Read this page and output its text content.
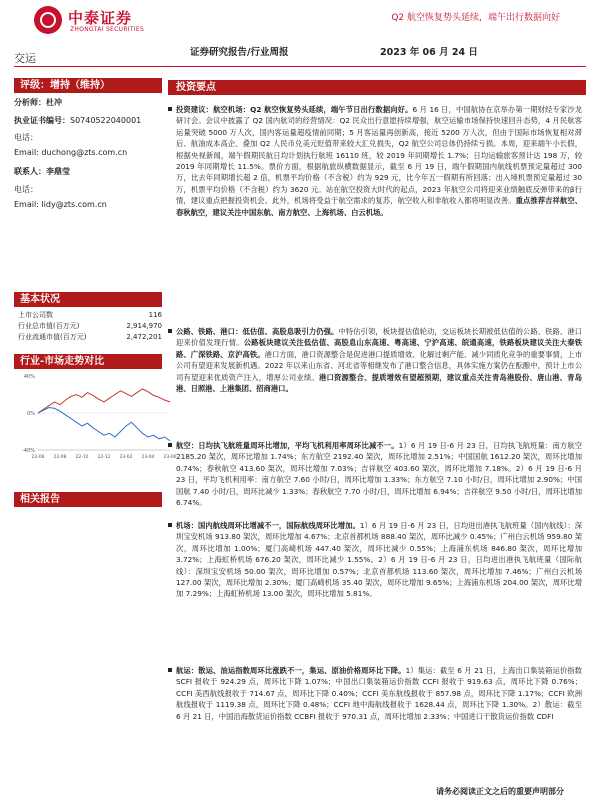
中泰证券
ZHONGTAI SECURITIES
Q2 航空恢复势头延续，端午出行数据向好
交运	证券研究报告/行业周报	2023 年 06 月 24 日
评级：增持（维持）
分析师：杜冲
执业证书编号：S0740522040001
电话：
Email: duchong@zts.com.cn
联系人：李鼎莹
电话：
Email: lidy@zts.com.cn
基本状况
上市公司数	116
行业总市值(百万元)	2,914,970
行业流通市值(百万元)	2,472,201
行业-市场走势对比
-40%
0%
40%
22-06 22-08 22-10 22-12 23-02 23-04 23-06
相关报告
投资要点
投资建议：航空机场：Q2 航空恢复势头延续，端午节日出行数据向好。6 月 16 日，中国航协在京举办第一期财经专家沙龙研讨会。会议中披露了 Q2 国内航司的经营情况：Q2 民众出行意愿持续增强，航空运输市场保持快速回升态势，4 月民航客运量突破 5000 万人次，国内客运量超疫情前同期；5 月客运量再创新高，接近 5200 万人次，但由于国际市场恢复相对滞后、航油成本高企、叠加 Q2 人民币兑美元贬值带来较大汇兑损失，Q2 航空公司总体仍持续亏损。本周，迎来端午小长假，根据央视新闻，端午假期民航日均计划执行航班 16110 班，较 2019 年同期增长 1.7%；日均运输旅客预计达 198 万，较 2019 年同期增长 11.5%。票价方面，根据航旅纵横数据显示，截至 6 月 19 日，端午假期国内航线机票预定量超过 300 万，比去年同期增长超 2 倍，机票平均价格（不含税）约为 929 元，比今年五一假期有所回落；出入境机票预定量超过 30 万，机票平均价格（不含税）约为 3620 元。站在航空投资大时代的起点，2023 年航空公司将迎来业绩触底反弹带来的β行情，建议重点把握投资机会。此外，机场将受益于航空需求的复苏，航空收入和非航收入都将明显改善。重点推荐吉祥航空、春秋航空，建议关注中国东航、南方航空、上海机场、白云机场。
公路、铁路、港口：低估值、高股息吸引力仍强。中特估引领，板块提估值轮动，交运板块长期被低估值的公路、铁路、港口迎来价值发现行情。公路板块建议关注低估值、高股息山东高速、粤高速、宁沪高速、皖通高速，铁路板块建议关注大秦铁路、广深铁路、京沪高铁。港口方面，港口资源整合是促进港口提质增效、化解过剩产能、减少同质化竞争的重要事情，上市公司有望迎来发展新机遇。2022 年以来山东省、河北省等相继发布了港口整合信息，具体实施方案仍在酝酿中，预计上市公司有望迎来优质资产注入，增厚公司业绩。港口资源整合、提质增效有望超预期，建议重点关注青岛港股份、唐山港、青岛港、日照港、上港集团、招商港口。
航空：日均执飞航班量周环比增加，平均飞机利用率周环比减不一。1）6 月 19 日-6 月 23 日，日均执飞航班量：南方航空 2185.20 架次，周环比增加 1.74%；东方航空 2192.40 架次，周环比增加 2.51%；中国国航 1612.20 架次，周环比增加 0.74%；春秋航空 413.60 架次，周环比增加 7.03%；吉祥航空 403.60 架次，周环比增加 7.18%。2）6 月 19 日-6 月 23 日，平均飞机利用率：南方航空 7.60 小时/日，周环比增加 1.33%；东方航空 7.10 小时/日，周环比增加 2.90%；中国国航 7.40 小时/日，周环比减少 1.33%；春秋航空 7.70 小时/日，周环比增加 6.94%；吉祥航空 9.50 小时/日，周环比增加 6.74%。
机场：国内航线周环比增减不一，国际航线周环比增加。1）6 月 19 日-6 月 23 日，日均进出港执飞航班量（国内航线）：深圳宝安机场 913.80 架次，周环比增加 4.67%；北京首都机场 888.40 架次，周环比减少 0.45%；广州白云机场 959.80 架次，周环比增加 1.00%；厦门高崎机场 447.40 架次，周环比减少 0.55%；上海浦东机场 846.80 架次，周环比增加 3.72%；上海虹桥机场 676.20 架次，周环比减少 1.55%。2）6 月 19 日-6 月 23 日，日均进出港执飞航班量（国际航线）：深圳宝安机场 50.00 架次，周环比增加 0.57%；北京首都机场 113.60 架次，周环比增加 7.46%；广州白云机场 127.00 架次，周环比增加 2.30%；厦门高崎机场 35.40 架次，周环比增加 9.65%；上海浦东机场 204.00 架次，周环比增加 7.29%；上海虹桥机场 13.00 架次，周环比增加 5.81%。
航运：散运、油运指数周环比涨跌不一，集运、原油价格周环比下降。1）集运：截至 6 月 21 日，上海出口集装箱运价指数 SCFI 报收于 924.29 点，周环比下降 1.07%；中国出口集装箱运价指数 CCFI 报收于 919.63 点，周环比下降 0.76%；CCFI 美西航线报收于 714.67 点，周环比下降 0.40%；CCFI 美东航线报收于 857.98 点，周环比下降 1.17%；CCFI 欧洲航线报收于 1119.38 点，周环比下降 0.48%；CCFI 地中海航线报收于 1628.44 点，周环比下降 1.30%。2）散运：截至 6 月 21 日，中国沿海散货运价指数 CCBFI 报收于 970.31 点，周环比增加 2.33%；中国进口干散货运价指数 CDFI
请务必阅读正文之后的重要声明部分
